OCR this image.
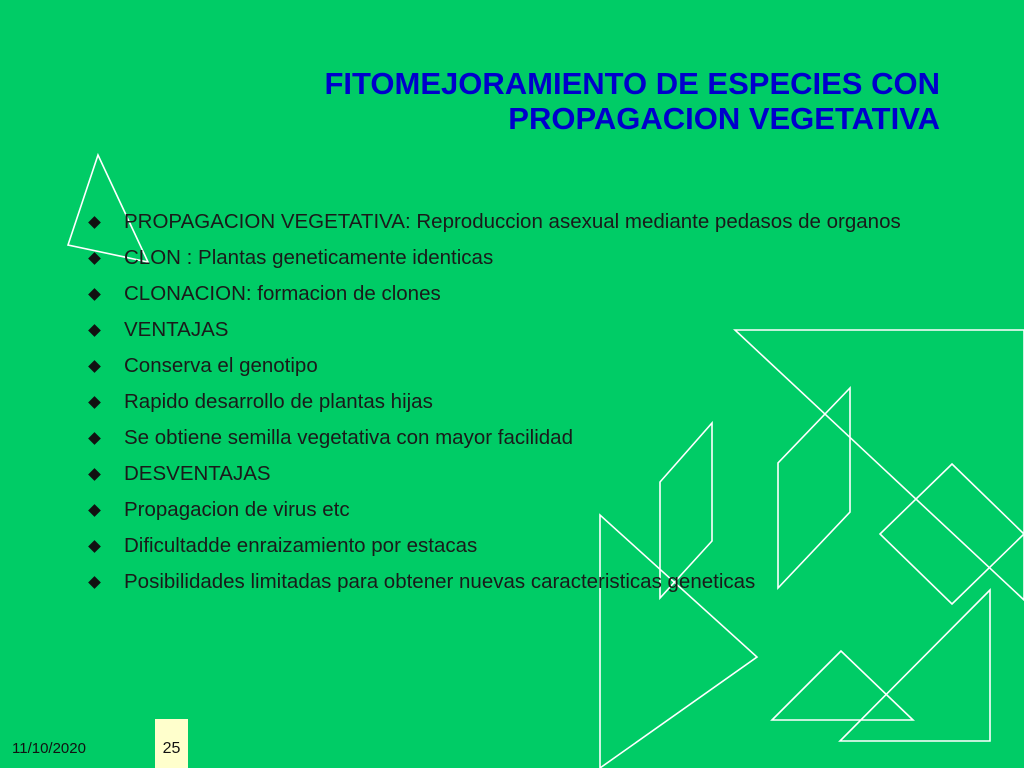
FITOMEJORAMIENTO DE ESPECIES CON
PROPAGACION VEGETATIVA
PROPAGACION VEGETATIVA: Reproduccion asexual mediante pedasos de organos
CLON : Plantas geneticamente identicas
CLONACION: formacion de clones
VENTAJAS
Conserva el genotipo
Rapido desarrollo de plantas hijas
Se obtiene semilla vegetativa con mayor facilidad
DESVENTAJAS
Propagacion de virus etc
Dificultadde enraizamiento por estacas
Posibilidades limitadas para obtener nuevas caracteristicas geneticas
11/10/2020	25
